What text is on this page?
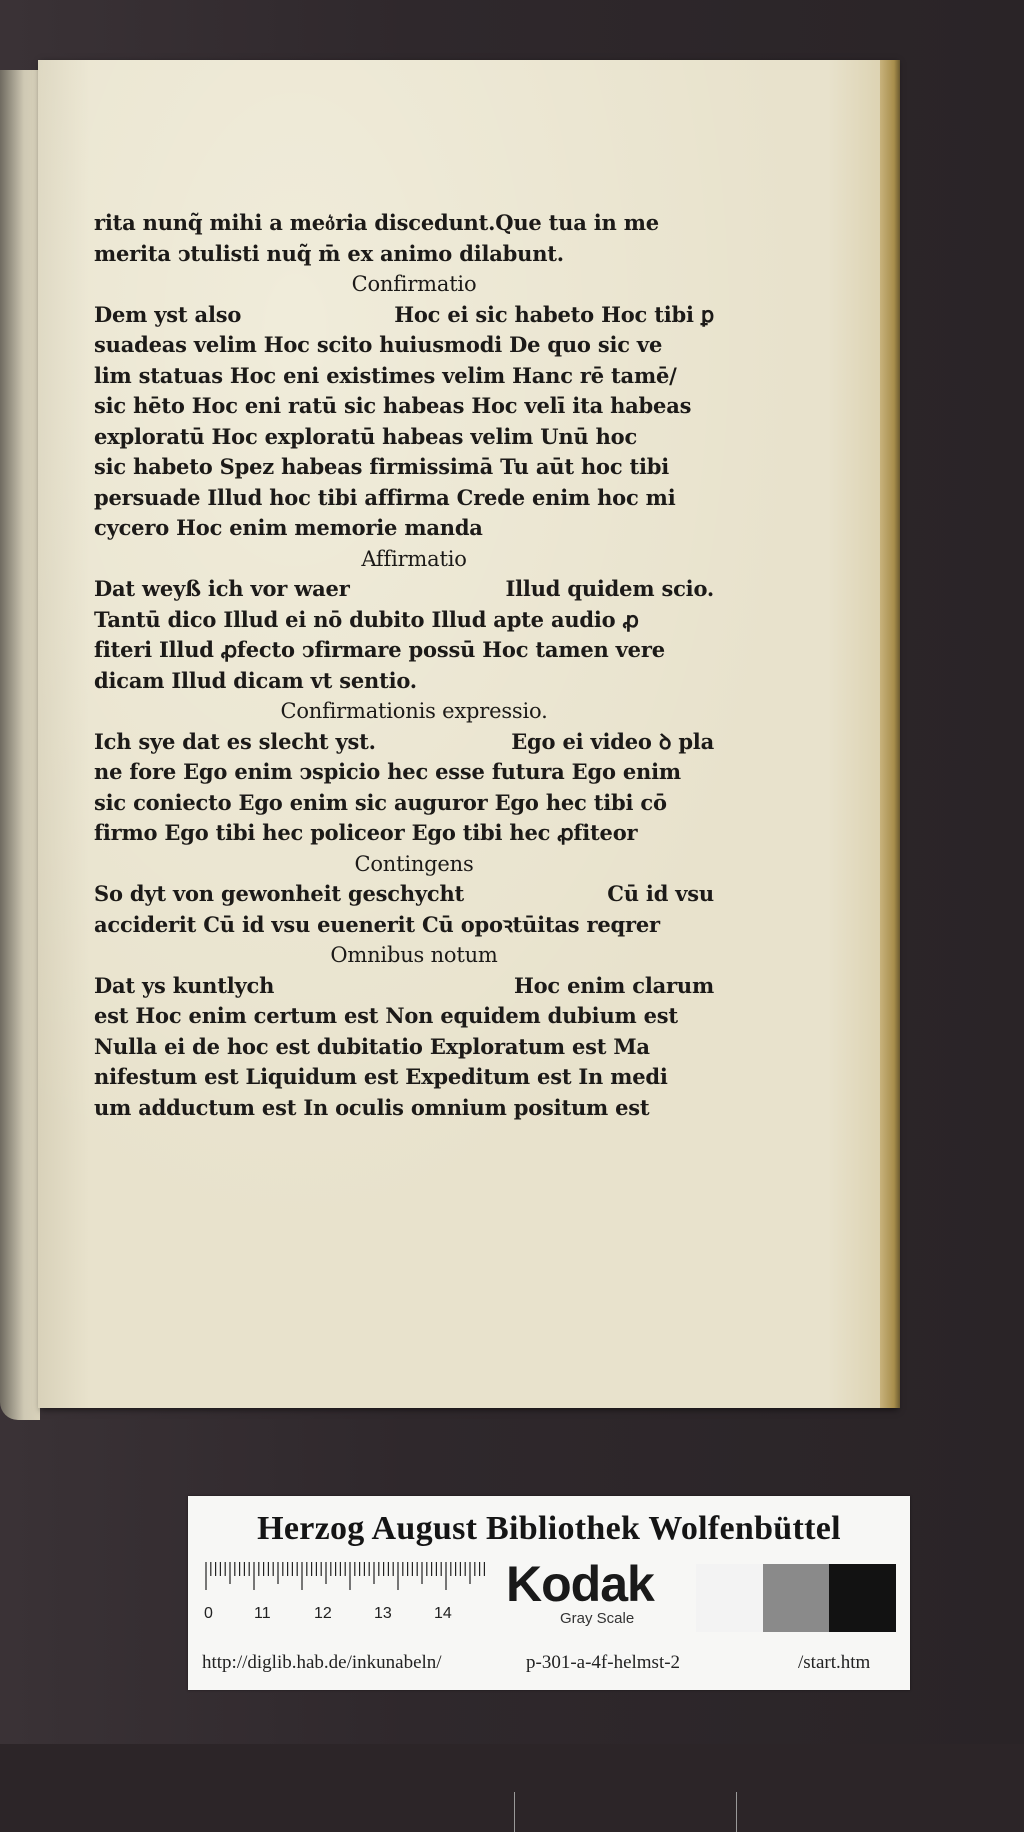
rita nunq̃ mihi a meo͛ria discedunt.Que tua in me
merita ↄtulisti nuq̃ m̄ ex animo dilabunt.
Confirmatio
Dem yst also	Hoc ei sic habeto Hoc tibi ꝑ
suadeas velim Hoc scito huiusmodi De quo sic ve
lim statuas Hoc eni existimes velim Hanc rē tamē/
sic hēto Hoc eni ratū sic habeas Hoc velī ita habeas
exploratū Hoc exploratū habeas velim Unū hoc
sic habeto Spez habeas firmissimā Tu aūt hoc tibi
persuade Illud hoc tibi affirma Crede enim hoc mi
cycero Hoc enim memorie manda
Affirmatio
Dat weyß ich vor waer	Illud quidem scio.
Tantū dico Illud ei nō dubito Illud apte audio ꝓ
fiteri Illud ꝓfecto ↄfirmare possū Hoc tamen vere
dicam Illud dicam vt sentio.
Confirmationis expressio.
Ich sye dat es slecht yst.	Ego ei video ꝺ pla
ne fore Ego enim ↄspicio hec esse futura Ego enim
sic coniecto Ego enim sic auguror Ego hec tibi cō
firmo Ego tibi hec policeor Ego tibi hec ꝓfiteor
Contingens
So dyt von gewonheit geschycht	Cū id vsu
acciderit Cū id vsu euenerit Cū opoꝛtūitas reqrer
Omnibus notum
Dat ys kuntlych	Hoc enim clarum
est Hoc enim certum est Non equidem dubium est
Nulla ei de hoc est dubitatio Exploratum est Ma
nifestum est Liquidum est Expeditum est In medi
um adductum est In oculis omnium positum est
Herzog August Bibliothek Wolfenbüttel
0	11	12	13	14
Kodak
Gray Scale
http://diglib.hab.de/inkunabeln/	p-301-a-4f-helmst-2	/start.htm
